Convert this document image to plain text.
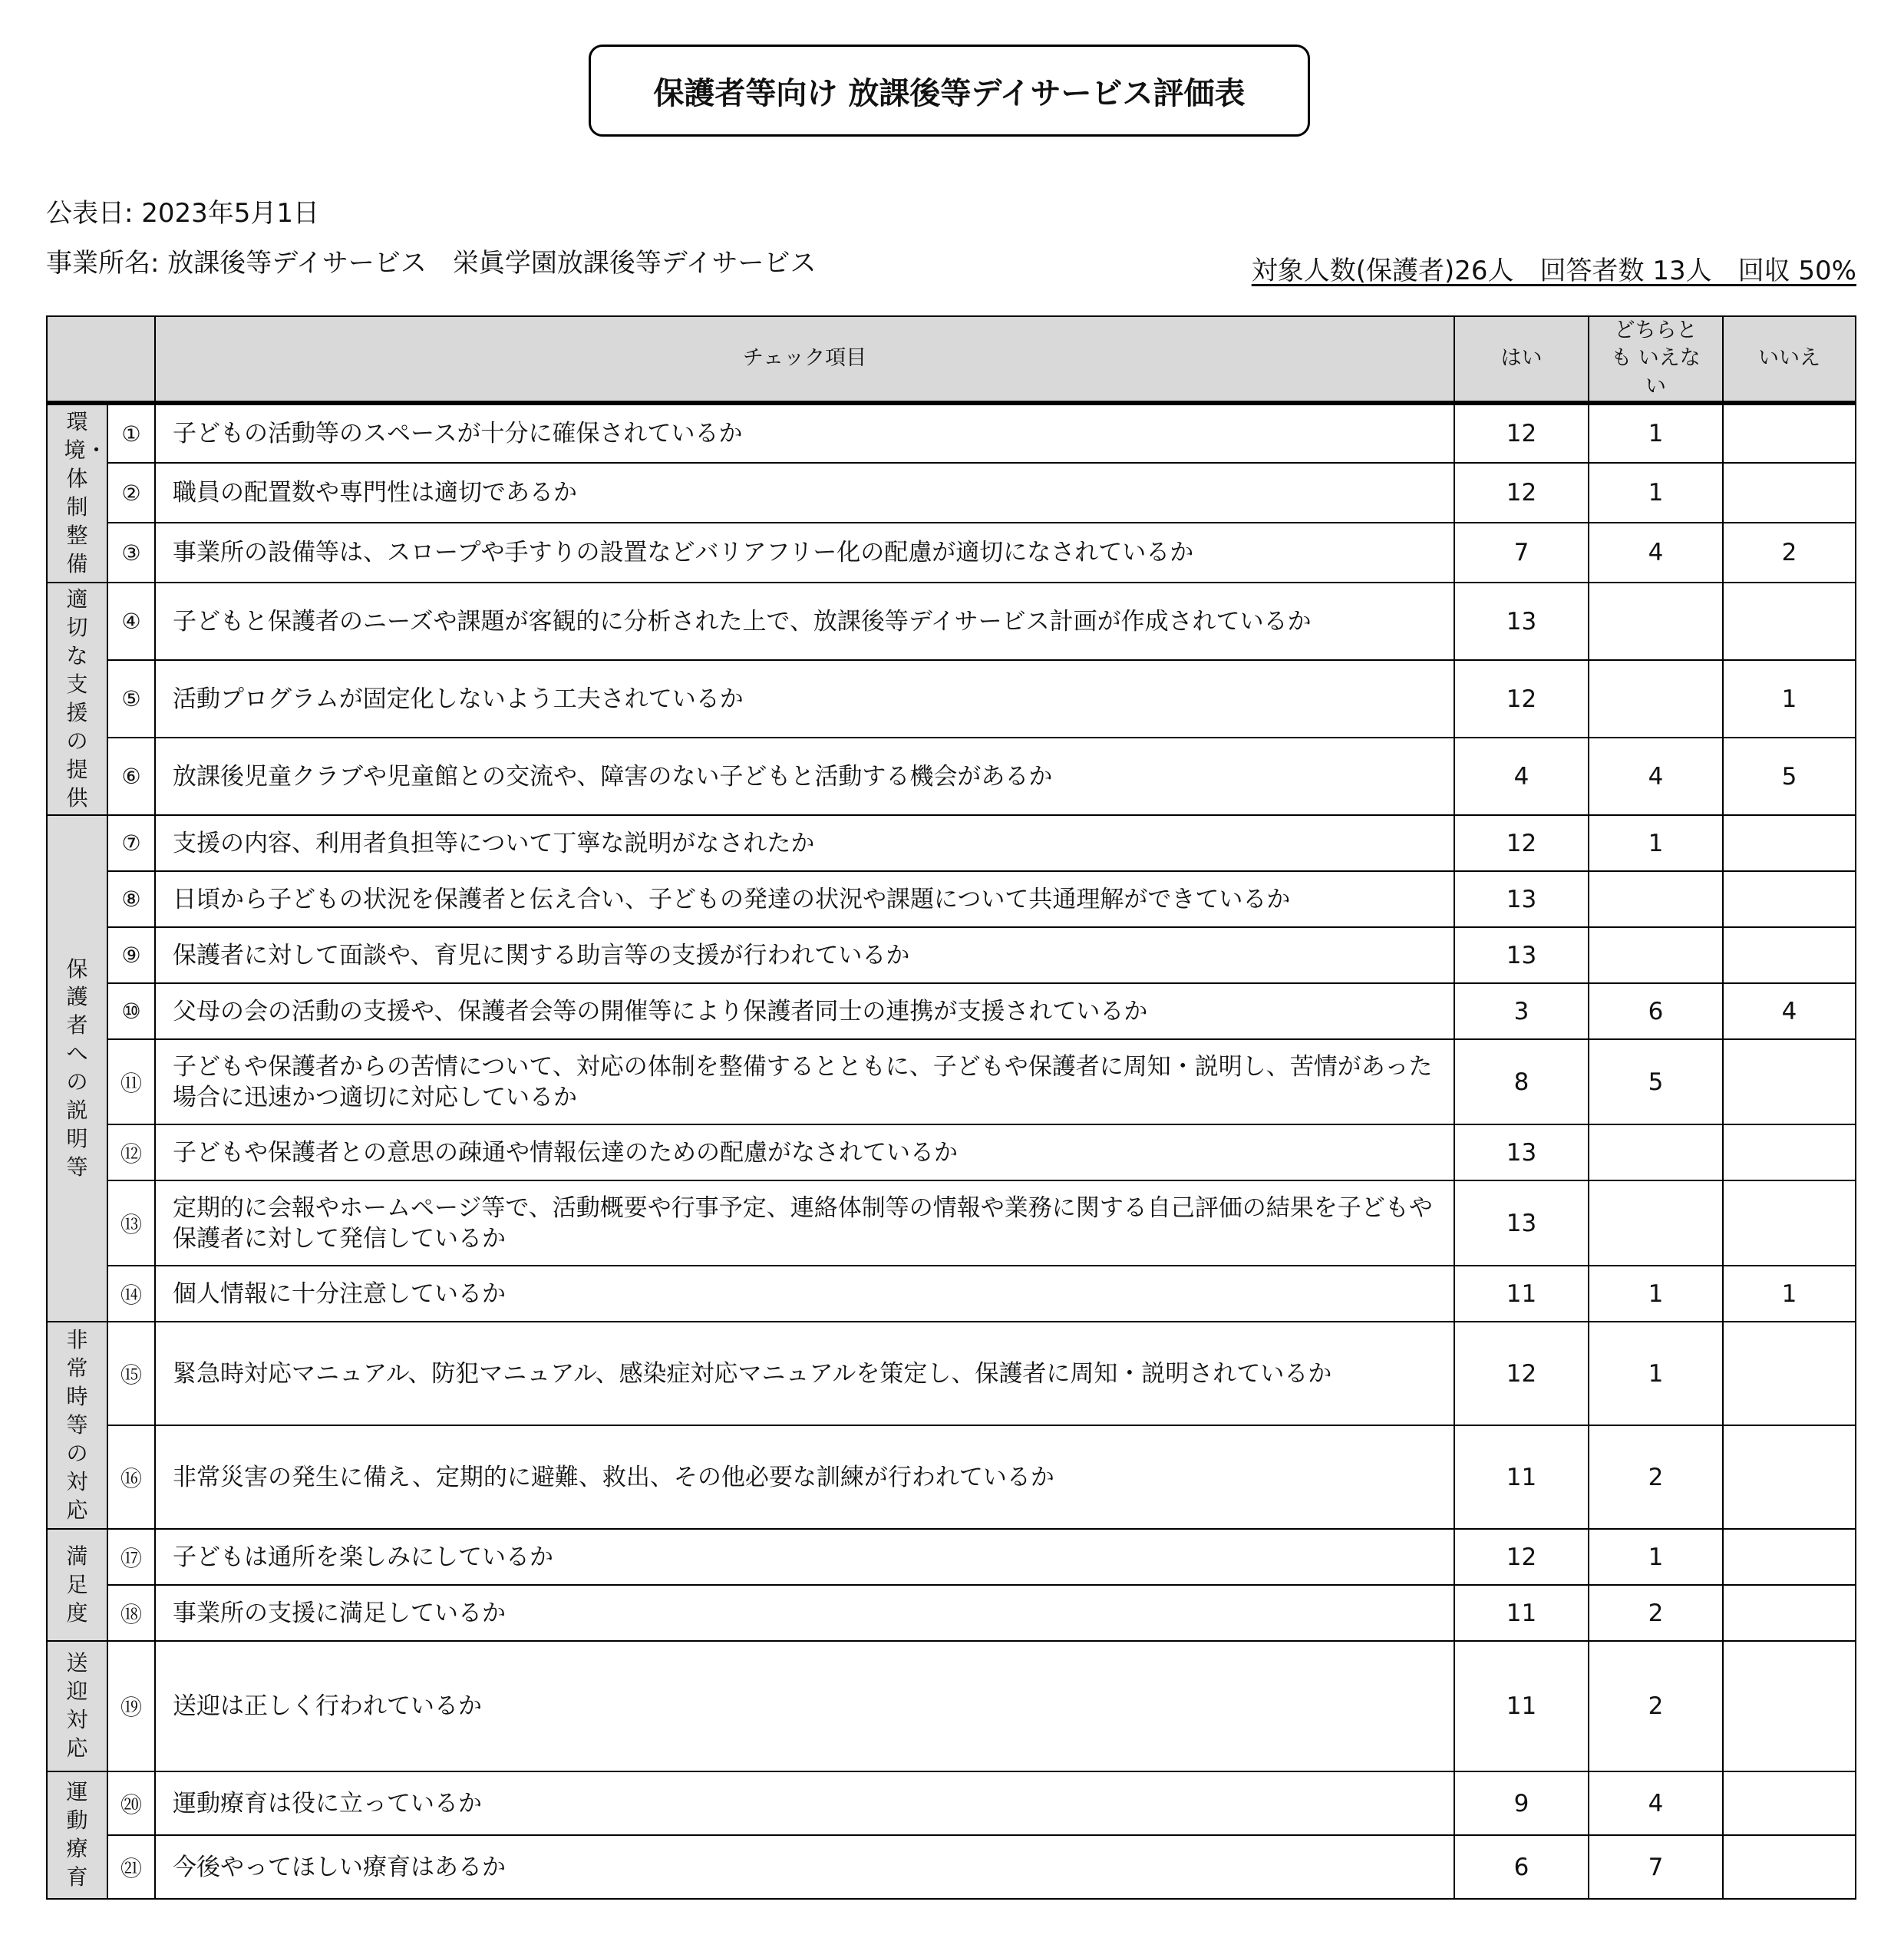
保護者等向け 放課後等デイサービス評価表
公表日: 2023年5月1日
事業所名: 放課後等デイサービス　栄眞学園放課後等デイサービス	対象人数(保護者)26人　回答者数 13人　回収 50%
		チェック項目	はい	どちらとも いえない	いいえ
環境・体制整備	①	子どもの活動等のスペースが十分に確保されているか	12	1	
	②	職員の配置数や専門性は適切であるか	12	1	
	③	事業所の設備等は、スロープや手すりの設置などバリアフリー化の配慮が適切になされているか	7	4	2
適切な支援の提供	④	子どもと保護者のニーズや課題が客観的に分析された上で、放課後等デイサービス計画が作成されているか	13		
	⑤	活動プログラムが固定化しないよう工夫されているか	12		1
	⑥	放課後児童クラブや児童館との交流や、障害のない子どもと活動する機会があるか	4	4	5
保護者への説明等	⑦	支援の内容、利用者負担等について丁寧な説明がなされたか	12	1	
	⑧	日頃から子どもの状況を保護者と伝え合い、子どもの発達の状況や課題について共通理解ができているか	13		
	⑨	保護者に対して面談や、育児に関する助言等の支援が行われているか	13		
	⑩	父母の会の活動の支援や、保護者会等の開催等により保護者同士の連携が支援されているか	3	6	4
	⑪	子どもや保護者からの苦情について、対応の体制を整備するとともに、子どもや保護者に周知・説明し、苦情があった場合に迅速かつ適切に対応しているか	8	5	
	⑫	子どもや保護者との意思の疎通や情報伝達のための配慮がなされているか	13		
	⑬	定期的に会報やホームページ等で、活動概要や行事予定、連絡体制等の情報や業務に関する自己評価の結果を子どもや保護者に対して発信しているか	13		
	⑭	個人情報に十分注意しているか	11	1	1
非常時等の対応	⑮	緊急時対応マニュアル、防犯マニュアル、感染症対応マニュアルを策定し、保護者に周知・説明されているか	12	1	
	⑯	非常災害の発生に備え、定期的に避難、救出、その他必要な訓練が行われているか	11	2	
満足度	⑰	子どもは通所を楽しみにしているか	12	1	
	⑱	事業所の支援に満足しているか	11	2	
送迎対応	⑲	送迎は正しく行われているか	11	2	
運動療育	⑳	運動療育は役に立っているか	9	4	
	㉑	今後やってほしい療育はあるか	6	7	
